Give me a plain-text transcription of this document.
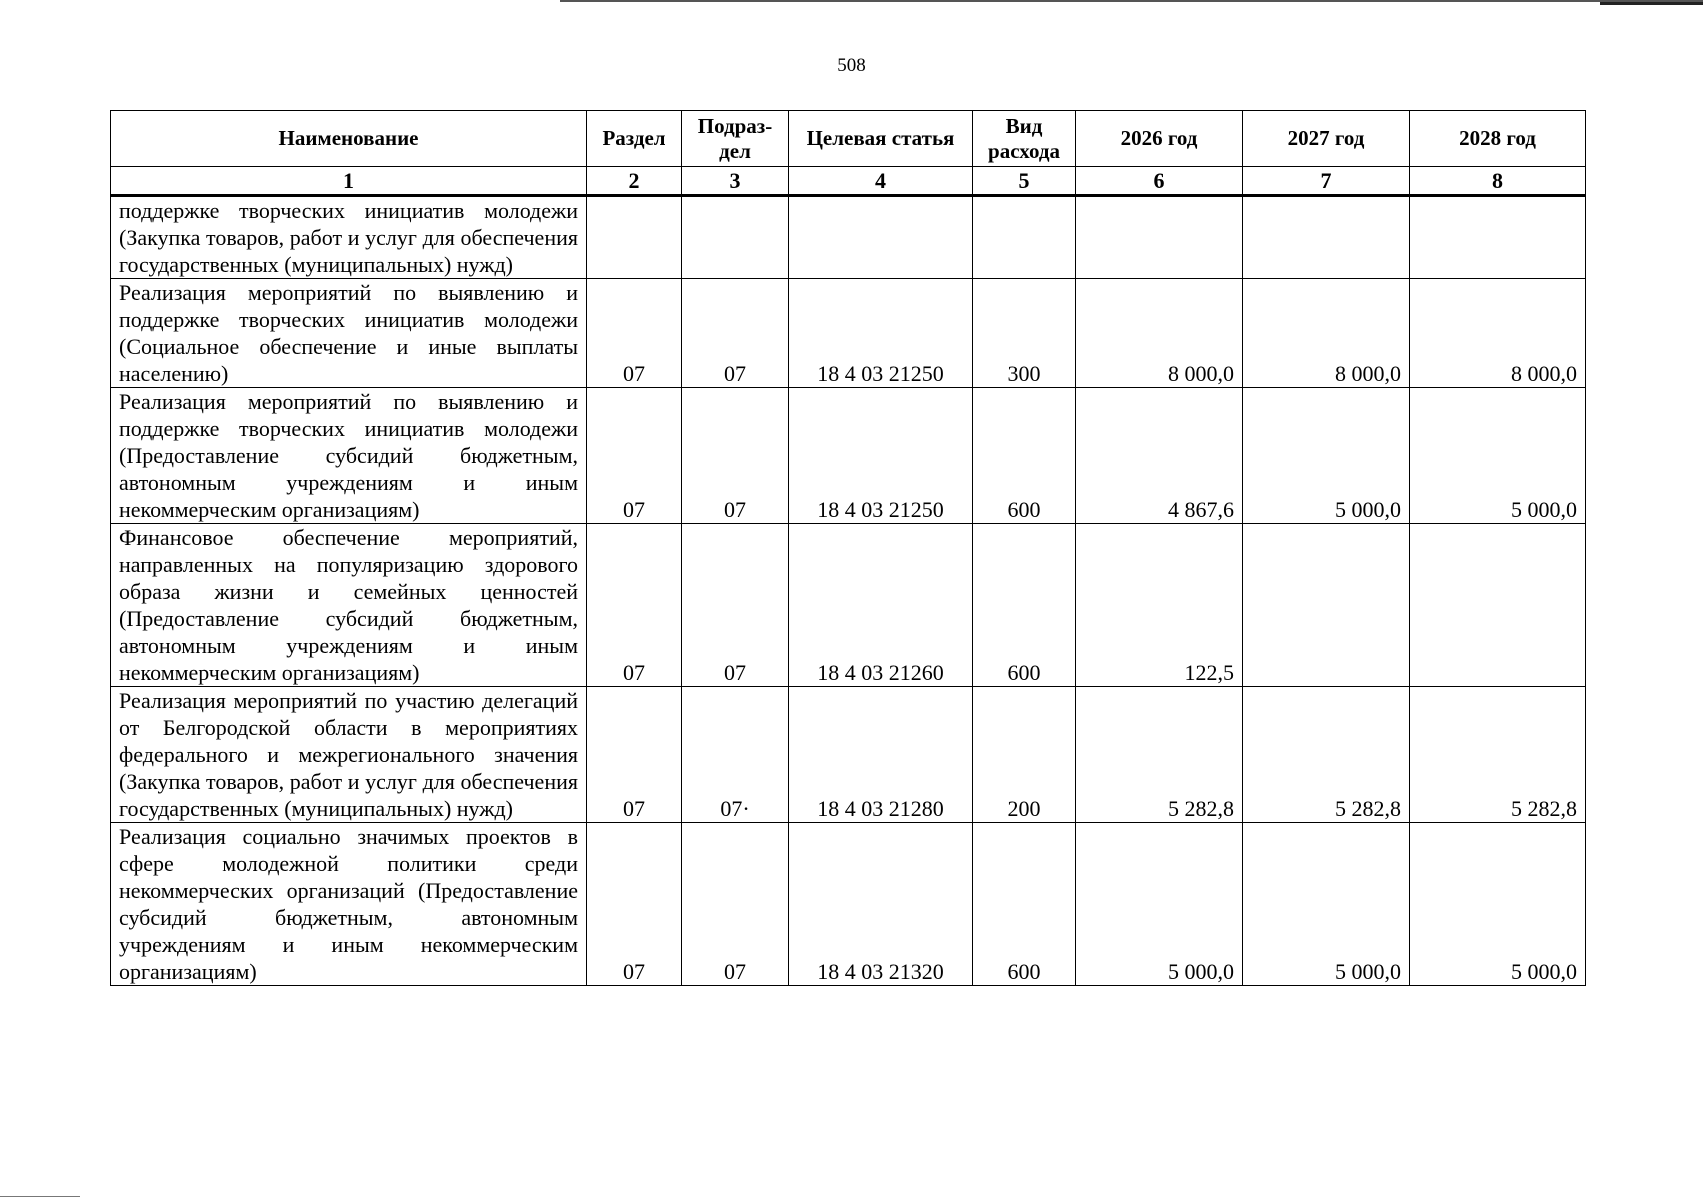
508
Наименование	Раздел	Подраз-дел	Целевая статья	Вид расхода	2026 год	2027 год	2028 год
1	2	3	4	5	6	7	8
поддержке творческих инициатив молодежи (Закупка товаров, работ и услуг для обеспечения государственных (муниципальных) нужд)							
Реализация мероприятий по выявлению и поддержке творческих инициатив молодежи (Социальное обеспечение и иные выплаты населению)	07	07	18 4 03 21250	300	8 000,0	8 000,0	8 000,0
Реализация мероприятий по выявлению и поддержке творческих инициатив молодежи (Предоставление субсидий бюджетным, автономным учреждениям и иным некоммерческим организациям)	07	07	18 4 03 21250	600	4 867,6	5 000,0	5 000,0
Финансовое обеспечение мероприятий, направленных на популяризацию здорового образа жизни и семейных ценностей (Предоставление субсидий бюджетным, автономным учреждениям и иным некоммерческим организациям)	07	07	18 4 03 21260	600	122,5		
Реализация мероприятий по участию делегаций от Белгородской области в мероприятиях федерального и межрегионального значения (Закупка товаров, работ и услуг для обеспечения государственных (муниципальных) нужд)	07	07·	18 4 03 21280	200	5 282,8	5 282,8	5 282,8
Реализация социально значимых проектов в сфере молодежной политики среди некоммерческих организаций (Предоставление субсидий бюджетным, автономным учреждениям и иным некоммерческим организациям)	07	07	18 4 03 21320	600	5 000,0	5 000,0	5 000,0
